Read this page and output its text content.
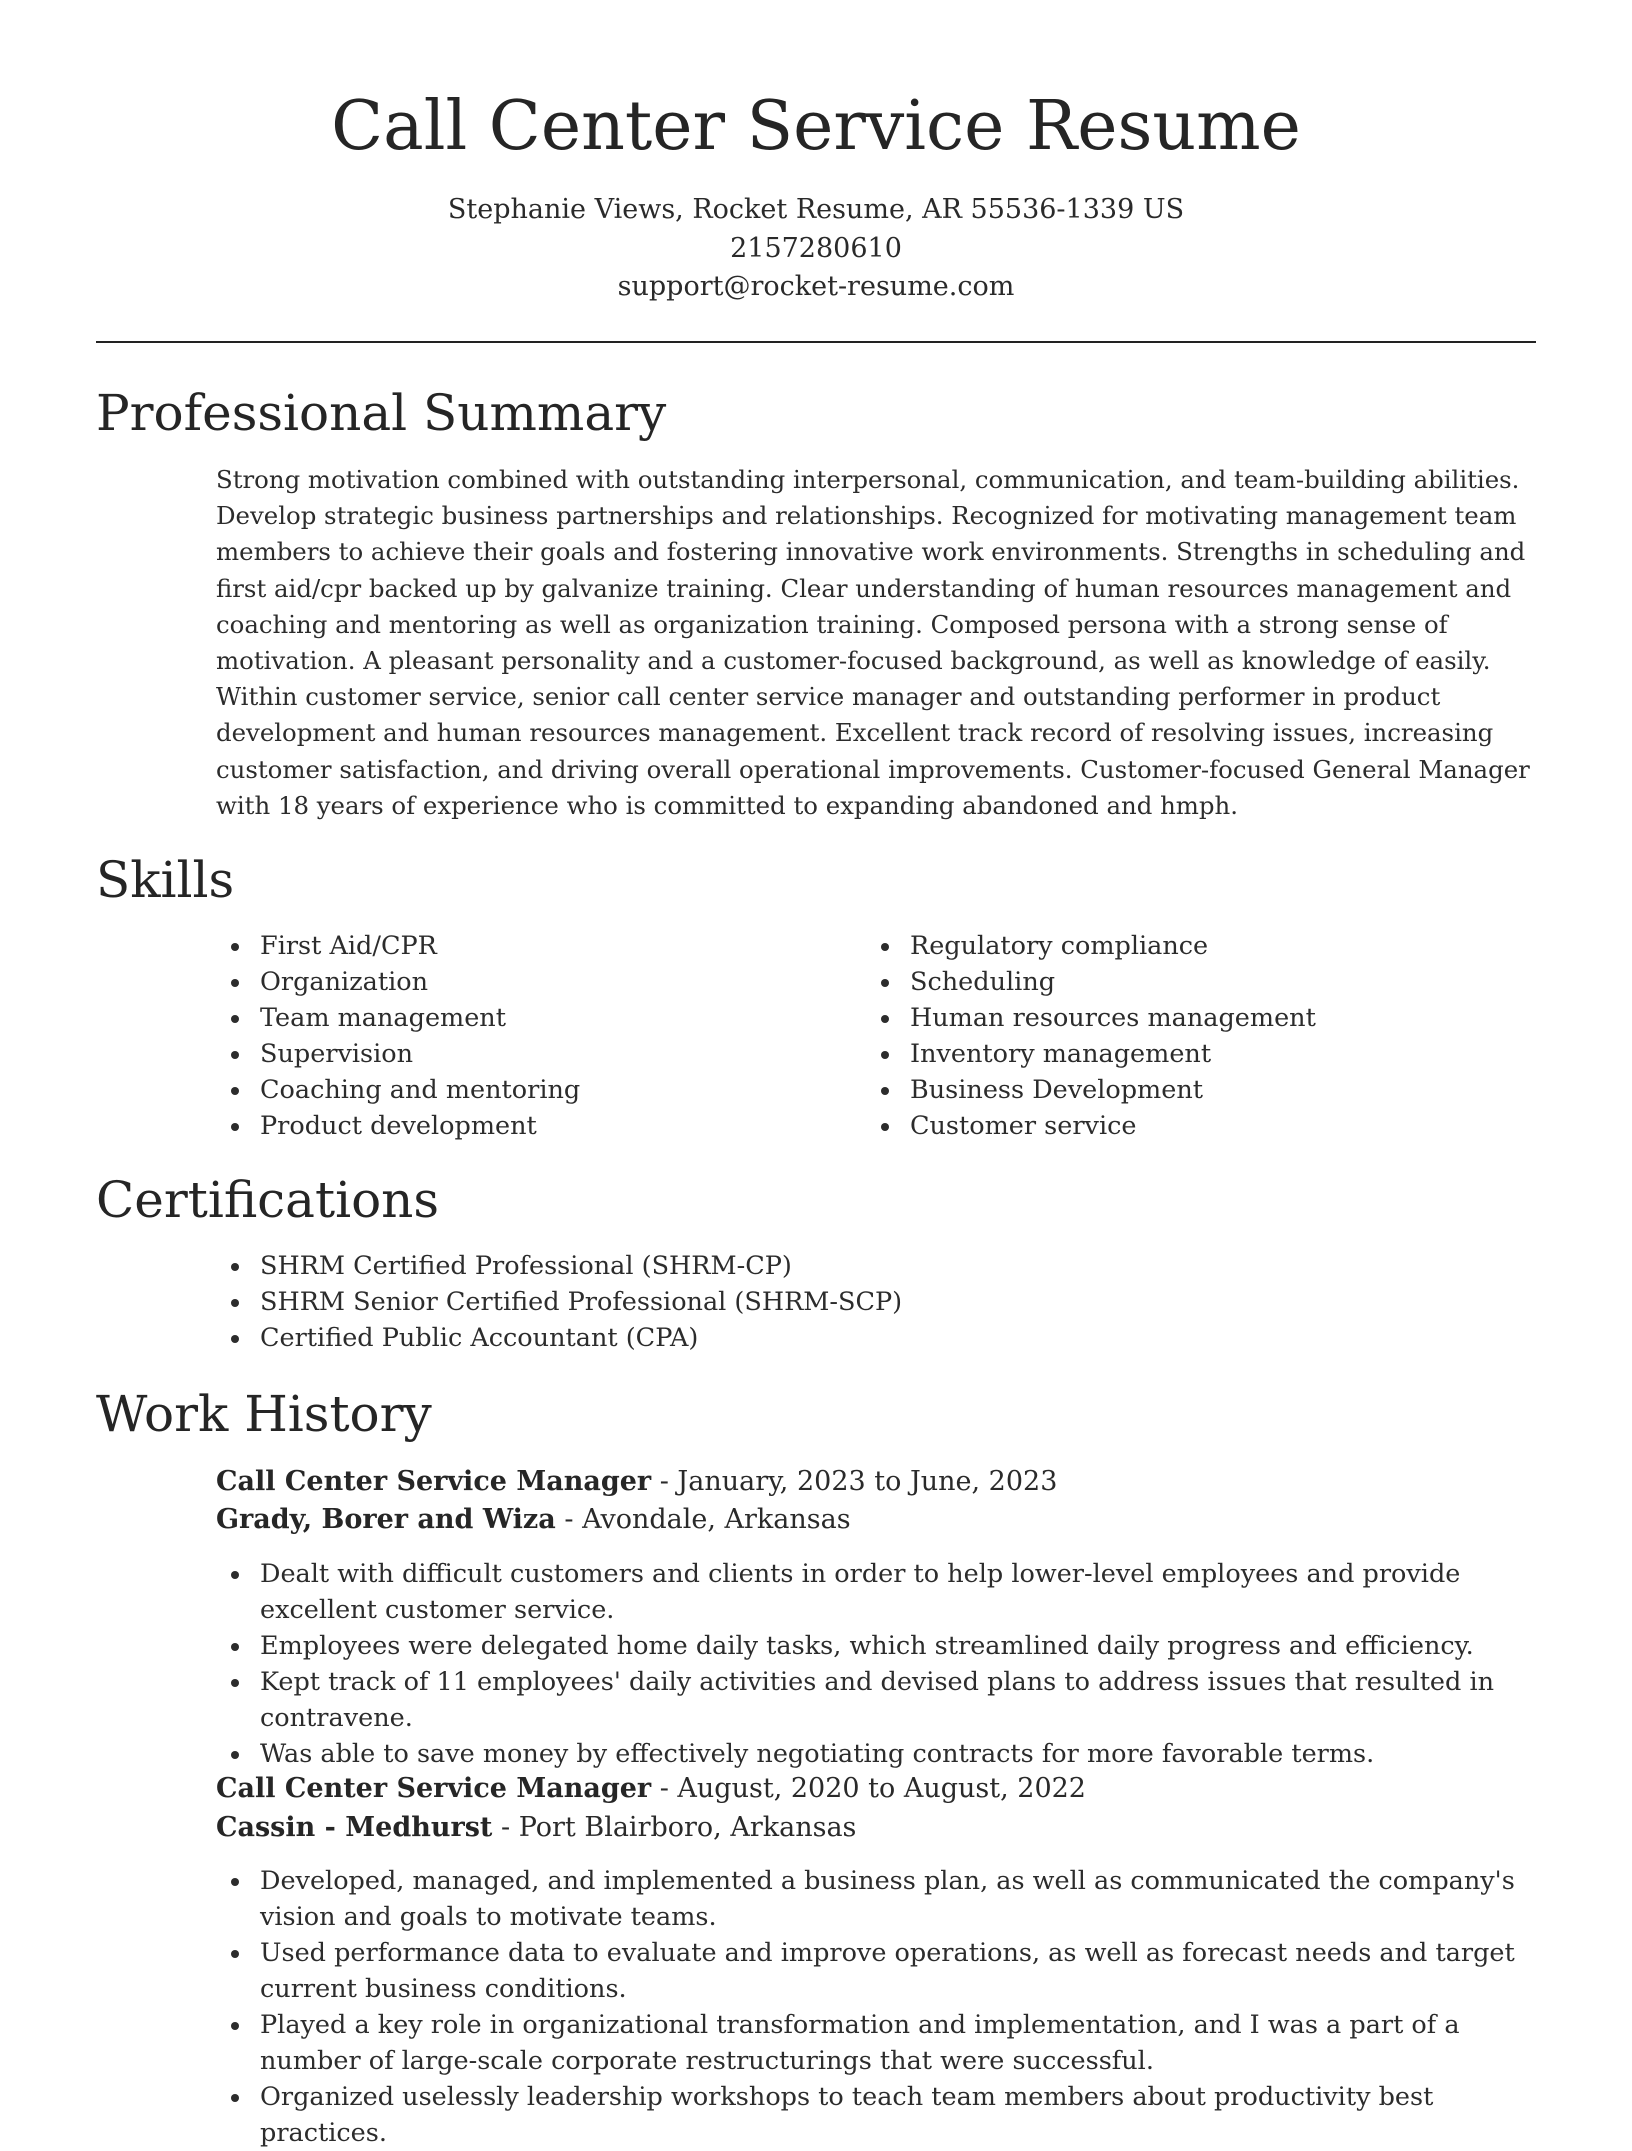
Call Center Service Resume
Stephanie Views, Rocket Resume, AR 55536-1339 US
2157280610
support@rocket-resume.com
Professional Summary

Strong motivation combined with outstanding interpersonal, communication, and team-building abilities. Develop strategic business partnerships and relationships. Recognized for motivating management team members to achieve their goals and fostering innovative work environments. Strengths in scheduling and first aid/cpr backed up by galvanize training. Clear understanding of human resources management and coaching and mentoring as well as organization training. Composed persona with a strong sense of motivation. A pleasant personality and a customer-focused background, as well as knowledge of easily. Within customer service, senior call center service manager and outstanding performer in product development and human resources management. Excellent track record of resolving issues, increasing customer satisfaction, and driving overall operational improvements. Customer-focused General Manager with 18 years of experience who is committed to expanding abandoned and hmph.

Skills
First Aid/CPR
Organization
Team management
Supervision
Coaching and mentoring
Product development
Regulatory compliance
Scheduling
Human resources management
Inventory management
Business Development
Customer service
Certifications
SHRM Certified Professional (SHRM-CP)
SHRM Senior Certified Professional (SHRM-SCP)
Certified Public Accountant (CPA)
Work History
Call Center Service Manager - January, 2023 to June, 2023
Grady, Borer and Wiza - Avondale, Arkansas
Dealt with difficult customers and clients in order to help lower-level employees and provide excellent customer service.
Employees were delegated home daily tasks, which streamlined daily progress and efficiency.
Kept track of 11 employees' daily activities and devised plans to address issues that resulted in contravene.
Was able to save money by effectively negotiating contracts for more favorable terms.
Call Center Service Manager - August, 2020 to August, 2022
Cassin - Medhurst - Port Blairboro, Arkansas
Developed, managed, and implemented a business plan, as well as communicated the company's vision and goals to motivate teams.
Used performance data to evaluate and improve operations, as well as forecast needs and target current business conditions.
Played a key role in organizational transformation and implementation, and I was a part of a number of large-scale corporate restructurings that were successful.
Organized uselessly leadership workshops to teach team members about productivity best practices.
